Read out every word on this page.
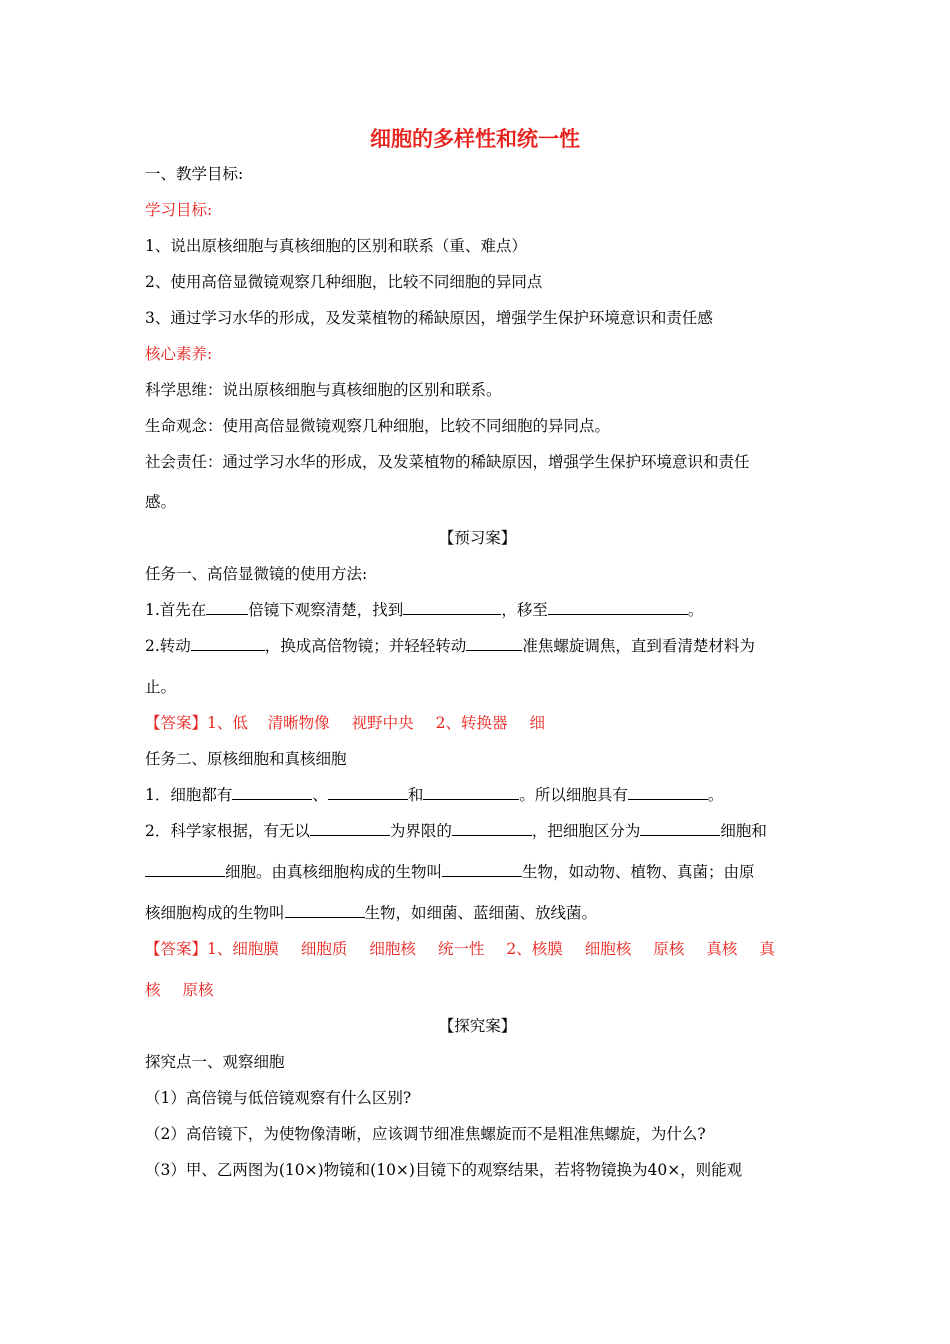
细胞的多样性和统一性
一、教学目标:
学习目标:
1、说出原核细胞与真核细胞的区别和联系（重、难点）
2、使用高倍显微镜观察几种细胞，比较不同细胞的异同点
3、通过学习水华的形成，及发菜植物的稀缺原因，增强学生保护环境意识和责任感
核心素养:
科学思维：说出原核细胞与真核细胞的区别和联系。
生命观念：使用高倍显微镜观察几种细胞，比较不同细胞的异同点。
社会责任：通过学习水华的形成，及发菜植物的稀缺原因，增强学生保护环境意识和责任
感。
【预习案】
任务一、高倍显微镜的使用方法:
1.首先在	倍镜下观察清楚，找到	，移至	。
2.转动	，换成高倍物镜；并轻轻转动	准焦螺旋调焦，直到看清楚材料为
止。
【答案】1、低 清晰物像 视野中央 2、转换器 细
任务二、原核细胞和真核细胞
1．细胞都有	、	和	。所以细胞具有	。
2．科学家根据，有无以	为界限的	，把细胞区分为	细胞和
细胞。由真核细胞构成的生物叫	生物，如动物、植物、真菌；由原
核细胞构成的生物叫	生物，如细菌、蓝细菌、放线菌。
【答案】1、细胞膜 细胞质 细胞核 统一性 2、核膜 细胞核 原核 真核 真
核 原核
【探究案】
探究点一、观察细胞
（1）高倍镜与低倍镜观察有什么区别?
（2）高倍镜下，为使物像清晰，应该调节细准焦螺旋而不是粗准焦螺旋，为什么?
（3）甲、乙两图为(10×)物镜和(10×)目镜下的观察结果，若将物镜换为40×，则能观
